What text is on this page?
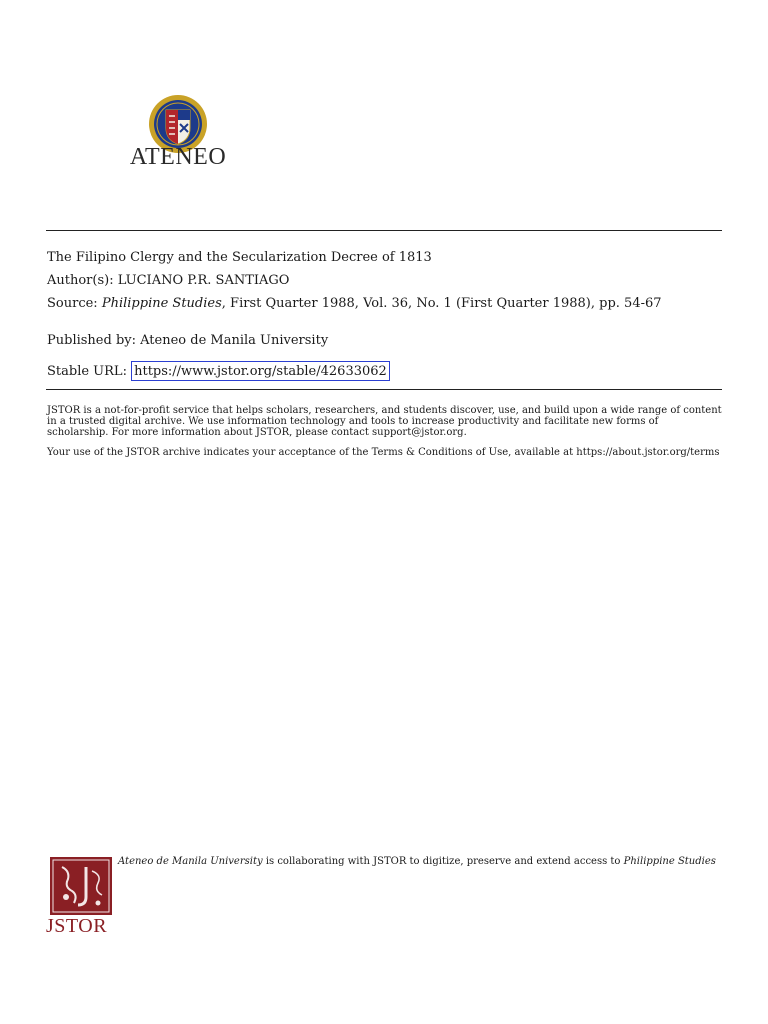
ATENEO
The Filipino Clergy and the Secularization Decree of 1813
Author(s): LUCIANO P.R. SANTIAGO
Source: Philippine Studies, First Quarter 1988, Vol. 36, No. 1 (First Quarter 1988), pp. 54-67
Published by: Ateneo de Manila University
Stable URL: https://www.jstor.org/stable/42633062
JSTOR is a not-for-profit service that helps scholars, researchers, and students discover, use, and build upon a wide range of content in a trusted digital archive. We use information technology and tools to increase productivity and facilitate new forms of scholarship. For more information about JSTOR, please contact support@jstor.org.
Your use of the JSTOR archive indicates your acceptance of the Terms & Conditions of Use, available at https://about.jstor.org/terms
JSTOR
Ateneo de Manila University is collaborating with JSTOR to digitize, preserve and extend access to Philippine Studies
